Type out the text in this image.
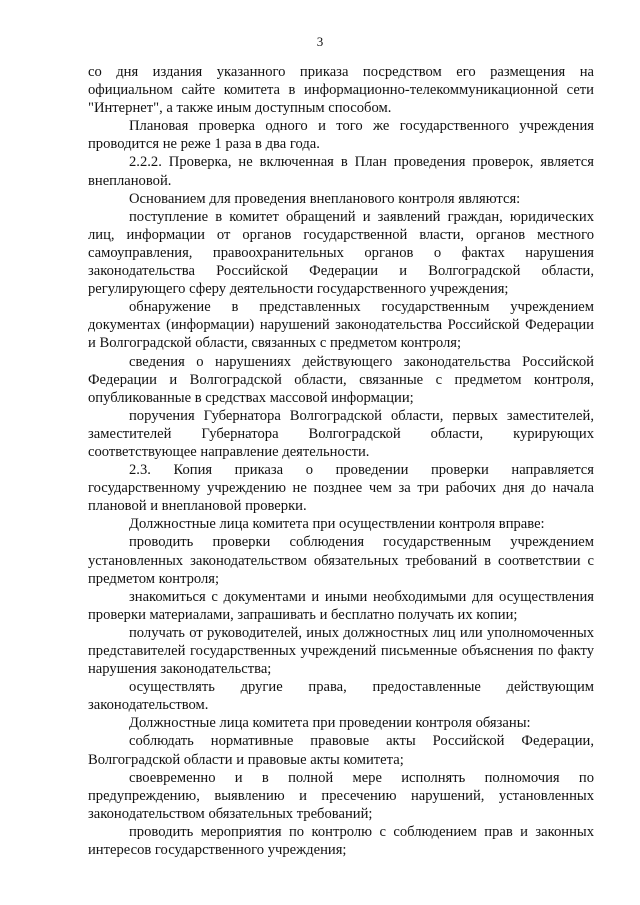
3

со дня издания указанного приказа посредством его размещения на официальном сайте комитета в информационно-телекоммуникационной сети "Интернет", а также иным доступным способом.

Плановая проверка одного и того же государственного учреждения проводится не реже 1 раза в два года.

2.2.2. Проверка, не включенная в План проведения проверок, является внеплановой.

Основанием для проведения внепланового контроля являются:

поступление в комитет обращений и заявлений граждан, юридических лиц, информации от органов государственной власти, органов местного самоуправления, правоохранительных органов о фактах нарушения законодательства Российской Федерации и Волгоградской области, регулирующего сферу деятельности государственного учреждения;

обнаружение в представленных государственным учреждением документах (информации) нарушений законодательства Российской Федерации и Волгоградской области, связанных с предметом контроля;

сведения о нарушениях действующего законодательства Российской Федерации и Волгоградской области, связанные с предметом контроля, опубликованные в средствах массовой информации;

поручения Губернатора Волгоградской области, первых заместителей, заместителей Губернатора Волгоградской области, курирующих соответствующее направление деятельности.

2.3. Копия приказа о проведении проверки направляется государственному учреждению не позднее чем за три рабочих дня до начала плановой и внеплановой проверки.

Должностные лица комитета при осуществлении контроля вправе:

проводить проверки соблюдения государственным учреждением установленных законодательством обязательных требований в соответствии с предметом контроля;

знакомиться с документами и иными необходимыми для осуществления проверки материалами, запрашивать и бесплатно получать их копии;

получать от руководителей, иных должностных лиц или уполномоченных представителей государственных учреждений письменные объяснения по факту нарушения законодательства;

осуществлять другие права, предоставленные действующим законодательством.

Должностные лица комитета при проведении контроля обязаны:

соблюдать нормативные правовые акты Российской Федерации, Волгоградской области и правовые акты комитета;

своевременно и в полной мере исполнять полномочия по предупреждению, выявлению и пресечению нарушений, установленных законодательством обязательных требований;

проводить мероприятия по контролю с соблюдением прав и законных интересов государственного учреждения;
